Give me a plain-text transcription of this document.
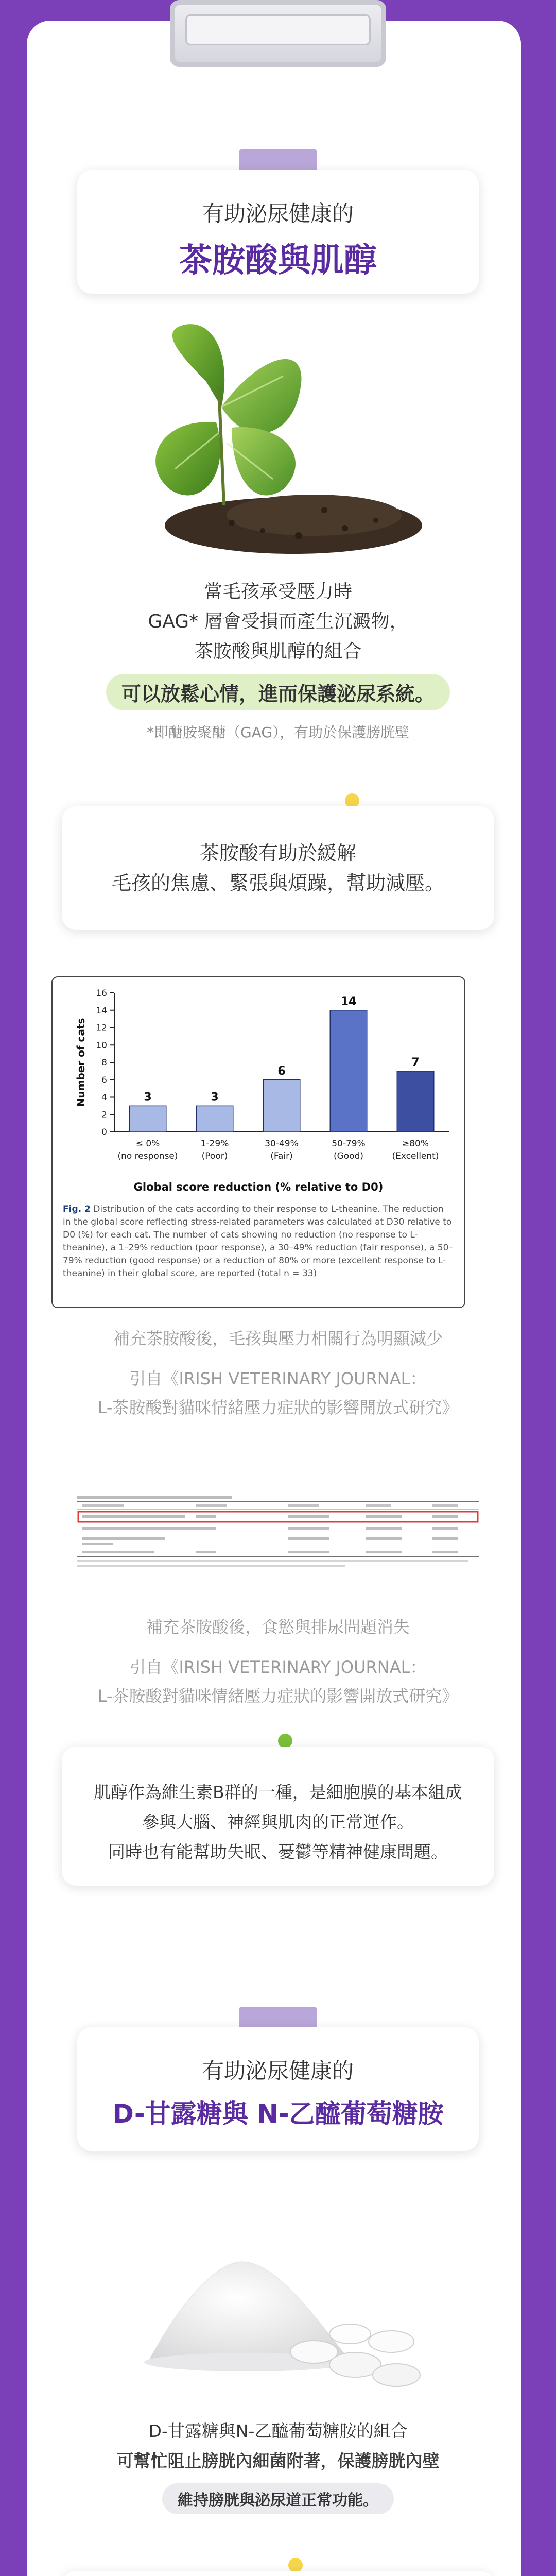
有助泌尿健康的
茶胺酸與肌醇
當毛孩承受壓力時
GAG* 層會受損而產生沉澱物，
茶胺酸與肌醇的組合
可以放鬆心情，進而保護泌尿系統。
*即醣胺聚醣（GAG），有助於保護膀胱壁
茶胺酸有助於緩解
毛孩的焦慮、緊張與煩躁，幫助減壓。
0
2
4
6
8
10
12
14
16
Number of cats	3
≤ 0%
(no response)
3
1-29%
(Poor)
6
30-49%
(Fair)
14
50-79%
(Good)
7
≥80%
(Excellent)
Global score reduction (% relative to D0)
Fig. 2 Distribution of the cats according to their response to L-theanine. The reduction in the global score reflecting stress-related parameters was calculated at D30 relative to D0 (%) for each cat. The number of cats showing no reduction (no response to L-theanine), a 1–29% reduction (poor response), a 30–49% reduction (fair response), a 50–79% reduction (good response) or a reduction of 80% or more (excellent response to L-theanine) in their global score, are reported (total n = 33)
補充茶胺酸後，毛孩與壓力相關行為明顯減少
引自《IRISH VETERINARY JOURNAL：
L-茶胺酸對貓咪情緒壓力症狀的影響開放式研究》
補充茶胺酸後，食慾與排尿問題消失
引自《IRISH VETERINARY JOURNAL：
L-茶胺酸對貓咪情緒壓力症狀的影響開放式研究》
肌醇作為維生素B群的一種，是細胞膜的基本組成
參與大腦、神經與肌肉的正常運作。
同時也有能幫助失眠、憂鬱等精神健康問題。
有助泌尿健康的
D-甘露糖與 N-乙醯葡萄糖胺
D-甘露糖與N-乙醯葡萄糖胺的組合
可幫忙阻止膀胱內細菌附著，保護膀胱內壁
維持膀胱與泌尿道正常功能。
